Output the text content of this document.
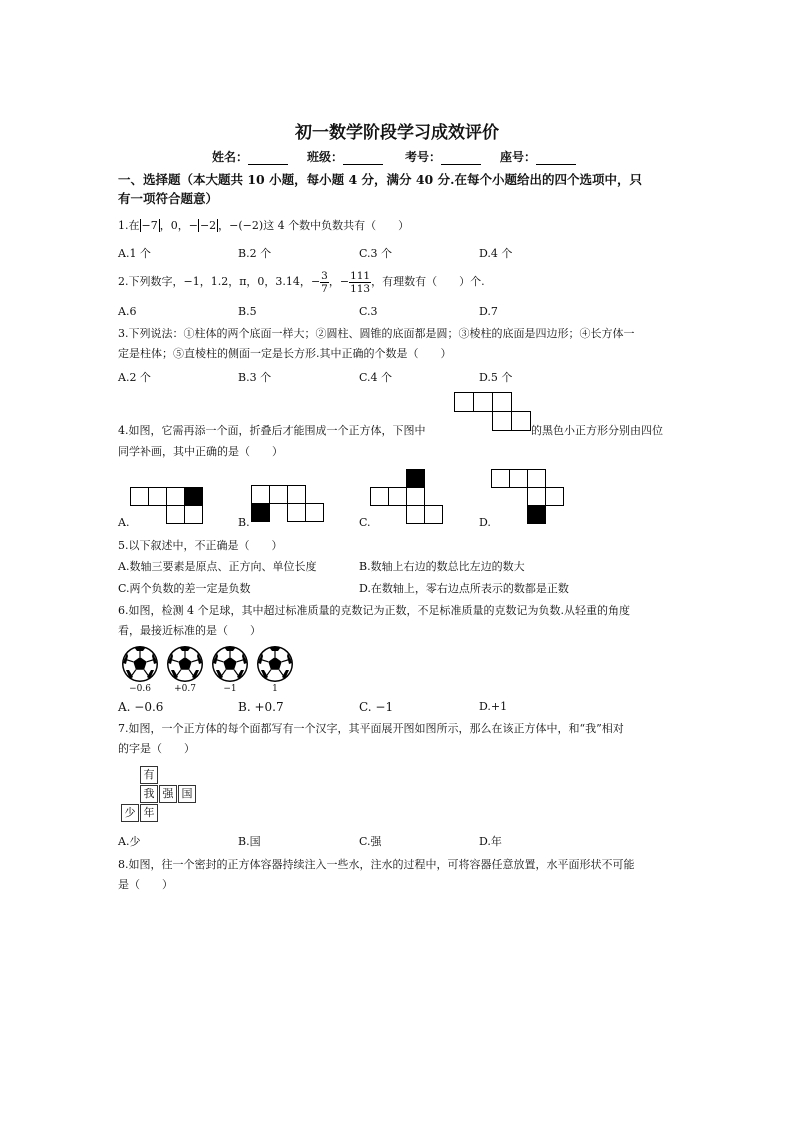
初一数学阶段学习成效评价
姓名：	班级：	考号：	座号：
一、选择题（本大题共 10 小题，每小题 4 分，满分 40 分.在每个小题给出的四个选项中，只
有一项符合题意）
1.在 −7 ，0，− −2 ，−(−2)这 4 个数中负数共有（　　）
A.1 个	B.2 个	C.3 个	D.4 个
2.下列数字，−1，1.2，π，0，3.14，− $\frac{3}{7}$ ，− $\frac{111}{113}$ ，有理数有（　　）个.
A.6	B.5	C.3	D.7
3.下列说法：①柱体的两个底面一样大；②圆柱、圆锥的底面都是圆；③棱柱的底面是四边形；④长方体一
定是柱体；⑤直棱柱的侧面一定是长方形.其中正确的个数是（　　）
A.2 个	B.3 个	C.4 个	D.5 个
4.如图，它需再添一个面，折叠后才能围成一个正方体，下图中	的黑色小正方形分别由四位
同学补画，其中正确的是（　　）
A.	B.	C.	D.
5.以下叙述中，不正确是（　　）
A.数轴三要素是原点、正方向、单位长度	B.数轴上右边的数总比左边的数大
C.两个负数的差一定是负数	D.在数轴上，零右边点所表示的数都是正数
6.如图，检测 4 个足球，其中超过标准质量的克数记为正数，不足标准质量的克数记为负数.从轻重的角度
看，最接近标准的是（　　）
−0.6	+0.7	−1	1
A. −0.6	B. +0.7	C. −1	D.+1
7.如图，一个正方体的每个面都写有一个汉字，其平面展开图如图所示，那么在该正方体中，和“我”相对
的字是（　　）
有
我 强 国
少 年
A.少	B.国	C.强	D.年
8.如图，往一个密封的正方体容器持续注入一些水，注水的过程中，可将容器任意放置，水平面形状不可能
是（　　）
